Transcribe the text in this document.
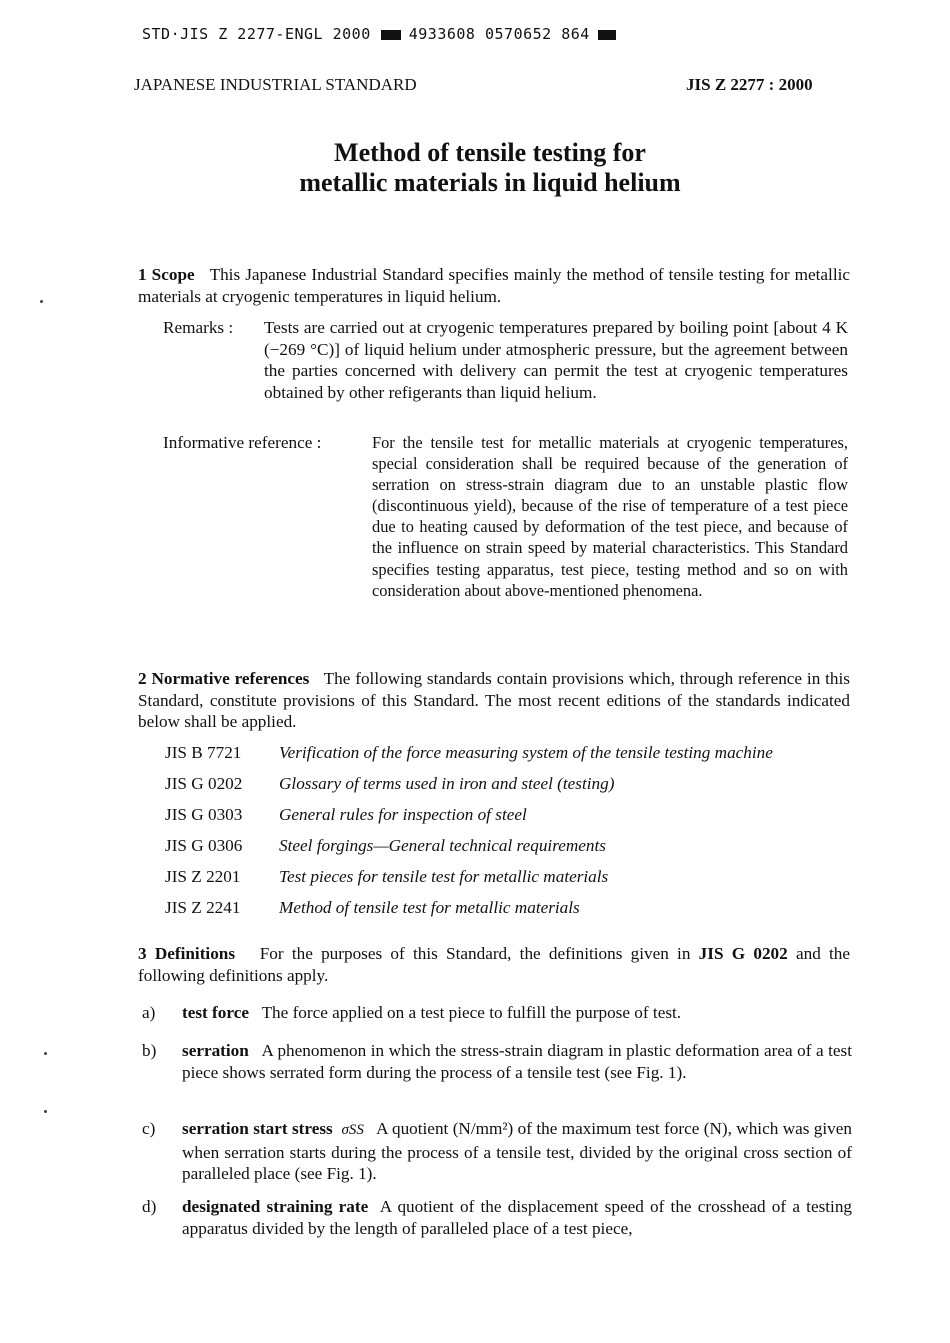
STD·JIS Z 2277-ENGL 2000	4933608 0570652 864
JAPANESE INDUSTRIAL STANDARD	JIS Z 2277 : 2000
Method of tensile testing for
metallic materials in liquid helium
1 Scope This Japanese Industrial Standard specifies mainly the method of tensile testing for metallic materials at cryogenic temperatures in liquid helium.
Remarks : Tests are carried out at cryogenic temperatures prepared by boiling point [about 4 K (−269 °C)] of liquid helium under atmospheric pressure, but the agreement between the parties concerned with delivery can permit the test at cryogenic temperatures obtained by other refigerants than liquid helium.
Informative reference :	For the tensile test for metallic materials at cryogenic temperatures, special consideration shall be required because of the generation of serration on stress-strain diagram due to an unstable plastic flow (discontinuous yield), because of the rise of temperature of a test piece due to heating caused by deformation of the test piece, and because of the influence on strain speed by material characteristics. This Standard specifies testing apparatus, test piece, testing method and so on with consideration about above-mentioned phenomena.
2 Normative references The following standards contain provisions which, through reference in this Standard, constitute provisions of this Standard. The most recent editions of the standards indicated below shall be applied.
JIS B 7721 Verification of the force measuring system of the tensile testing machine
JIS G 0202 Glossary of terms used in iron and steel (testing)
JIS G 0303 General rules for inspection of steel
JIS G 0306 Steel forgings—General technical requirements
JIS Z 2201 Test pieces for tensile test for metallic materials
JIS Z 2241 Method of tensile test for metallic materials
3 Definitions For the purposes of this Standard, the definitions given in JIS G 0202 and the following definitions apply.
a) test force The force applied on a test piece to fulfill the purpose of test.
b) serration A phenomenon in which the stress-strain diagram in plastic deformation area of a test piece shows serrated form during the process of a tensile test (see Fig. 1).
c) serration start stress σSS A quotient (N/mm²) of the maximum test force (N), which was given when serration starts during the process of a tensile test, divided by the original cross section of paralleled place (see Fig. 1).
d) designated straining rate A quotient of the displacement speed of the crosshead of a testing apparatus divided by the length of paralleled place of a test piece,
